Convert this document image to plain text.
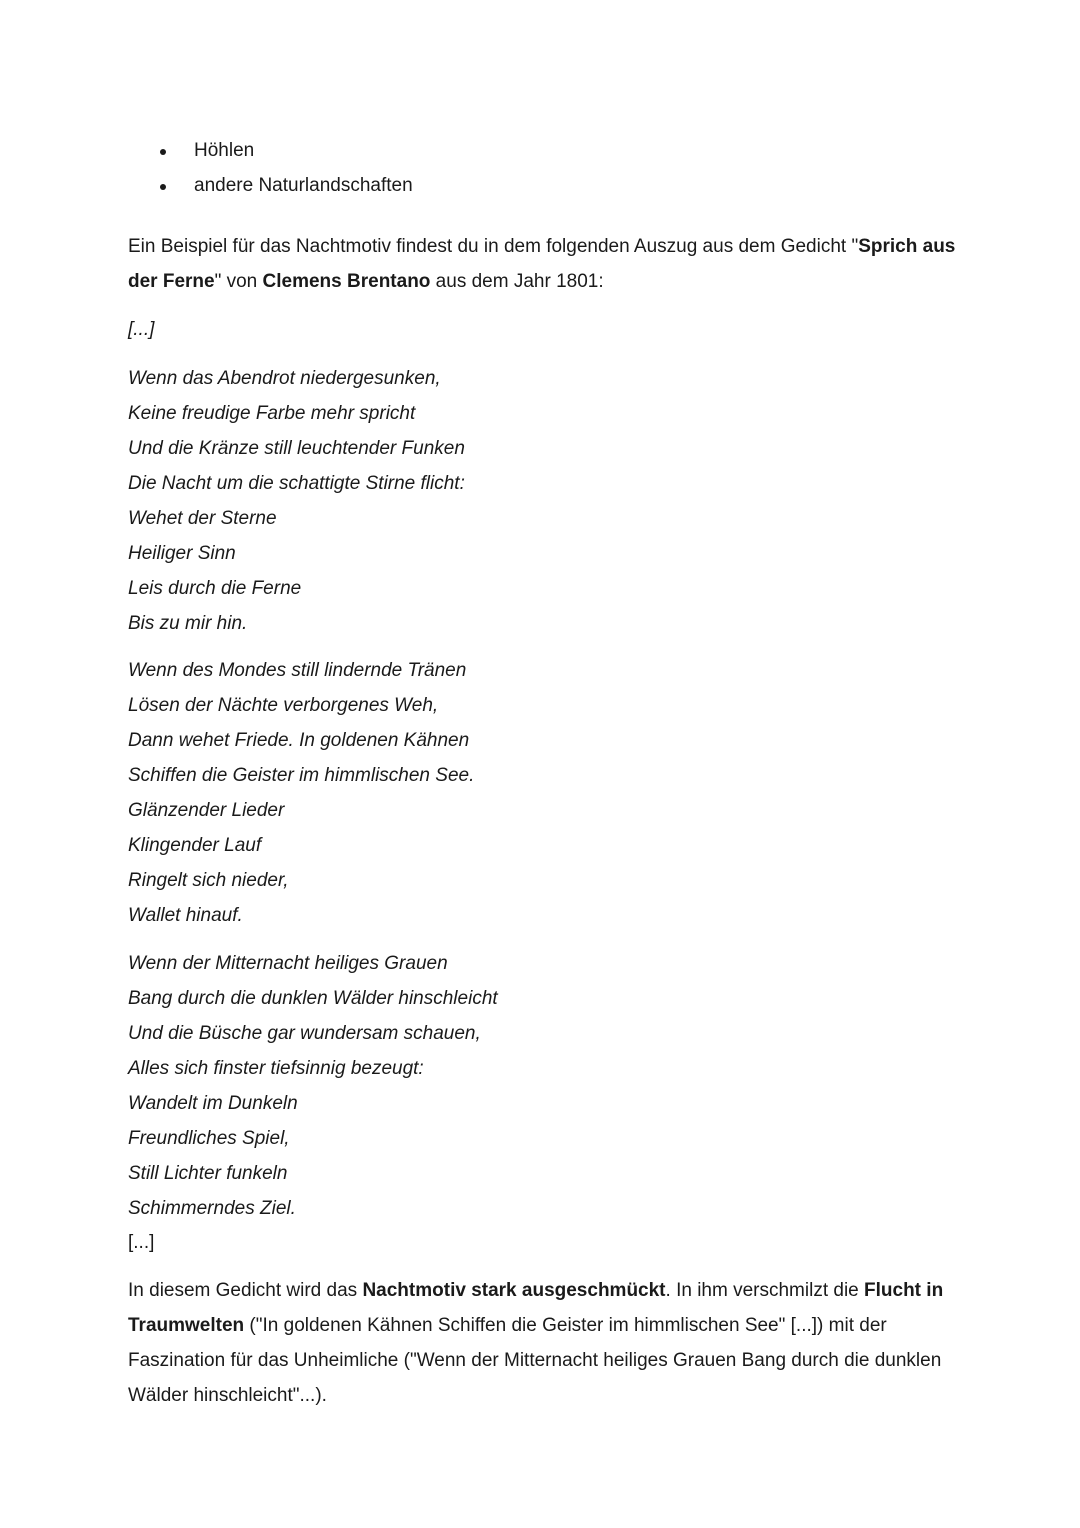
Höhlen
andere Naturlandschaften

Ein Beispiel für das Nachtmotiv findest du in dem folgenden Auszug aus dem Gedicht "Sprich aus der Ferne" von Clemens Brentano aus dem Jahr 1801:

[...]

Wenn das Abendrot niedergesunken,
Keine freudige Farbe mehr spricht
Und die Kränze still leuchtender Funken
Die Nacht um die schattigte Stirne flicht:
Wehet der Sterne
Heiliger Sinn
Leis durch die Ferne
Bis zu mir hin.
Wenn des Mondes still lindernde Tränen
Lösen der Nächte verborgenes Weh,
Dann wehet Friede. In goldenen Kähnen
Schiffen die Geister im himmlischen See.
Glänzender Lieder
Klingender Lauf
Ringelt sich nieder,
Wallet hinauf.
Wenn der Mitternacht heiliges Grauen
Bang durch die dunklen Wälder hinschleicht
Und die Büsche gar wundersam schauen,
Alles sich finster tiefsinnig bezeugt:
Wandelt im Dunkeln
Freundliches Spiel,
Still Lichter funkeln
Schimmerndes Ziel.

[...]

In diesem Gedicht wird das Nachtmotiv stark ausgeschmückt. In ihm verschmilzt die Flucht in Traumwelten ("In goldenen Kähnen Schiffen die Geister im himmlischen See" [...]) mit der Faszination für das Unheimliche ("Wenn der Mitternacht heiliges Grauen Bang durch die dunklen Wälder hinschleicht"...).
